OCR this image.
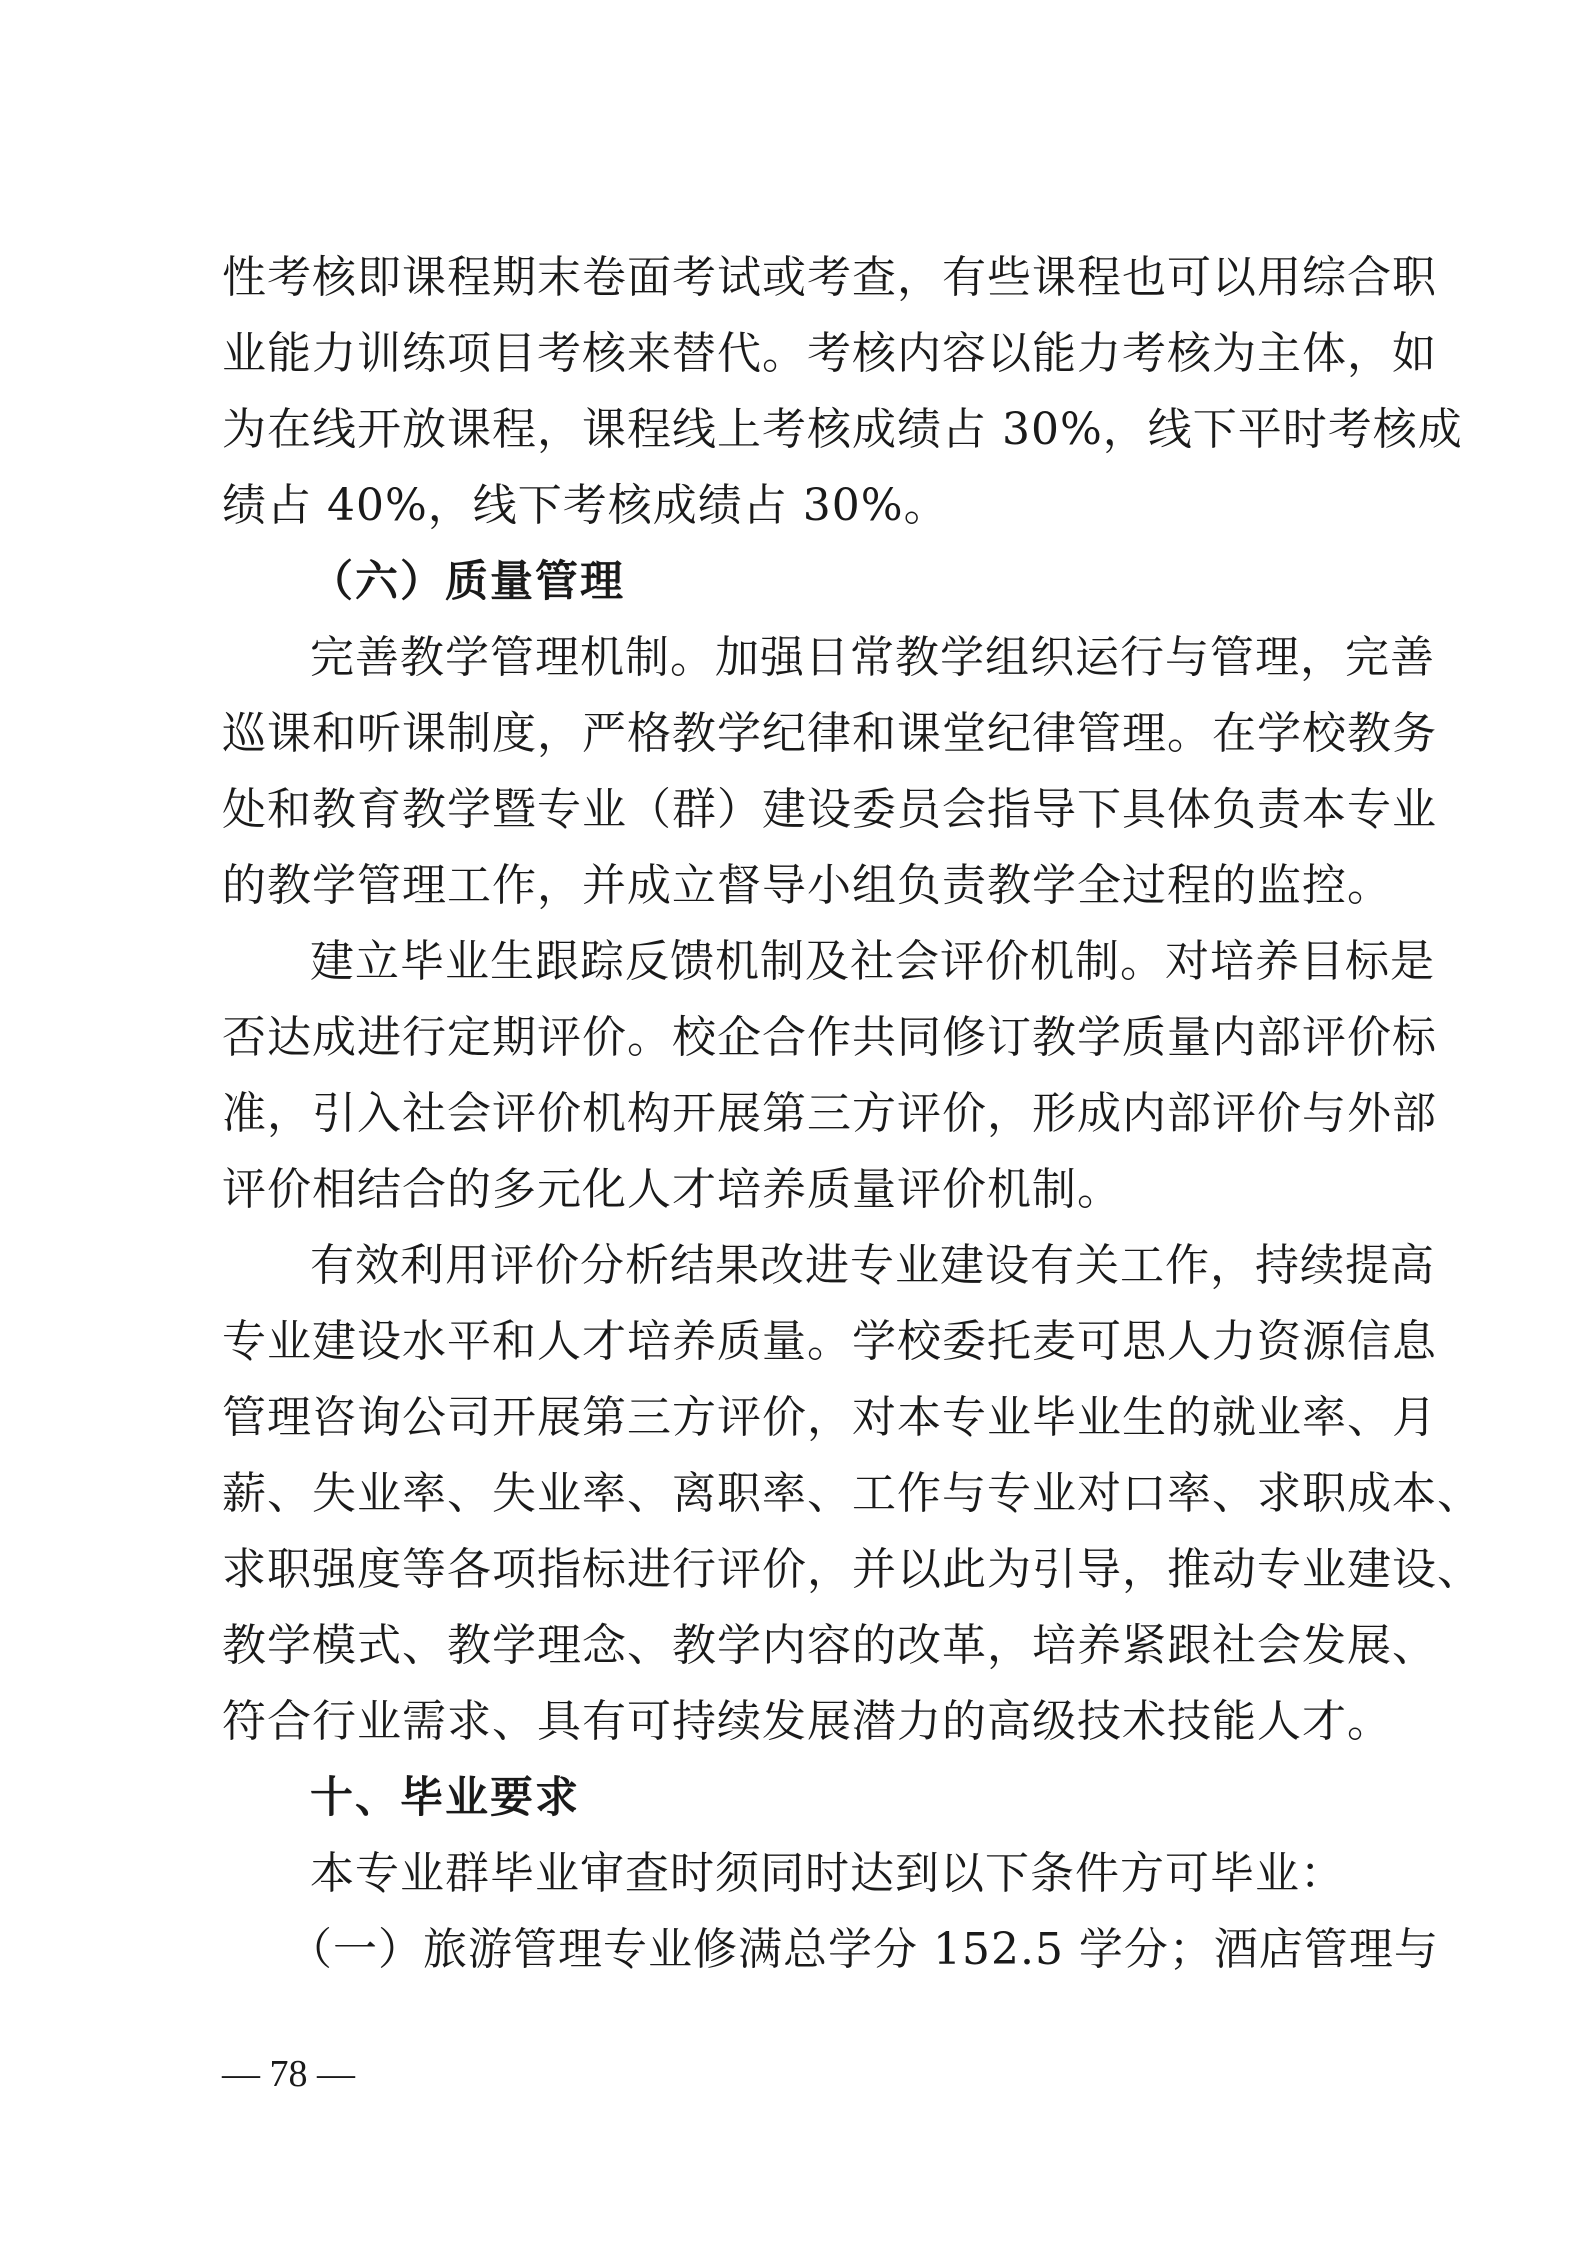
性考核即课程期末卷面考试或考查，有些课程也可以用综合职
业能力训练项目考核来替代。考核内容以能力考核为主体，如
为在线开放课程，课程线上考核成绩占 30%，线下平时考核成
绩占 40%，线下考核成绩占 30%。
（六）质量管理
完善教学管理机制。加强日常教学组织运行与管理，完善
巡课和听课制度，严格教学纪律和课堂纪律管理。在学校教务
处和教育教学暨专业（群）建设委员会指导下具体负责本专业
的教学管理工作，并成立督导小组负责教学全过程的监控。
建立毕业生跟踪反馈机制及社会评价机制。对培养目标是
否达成进行定期评价。校企合作共同修订教学质量内部评价标
准，引入社会评价机构开展第三方评价，形成内部评价与外部
评价相结合的多元化人才培养质量评价机制。
有效利用评价分析结果改进专业建设有关工作，持续提高
专业建设水平和人才培养质量。学校委托麦可思人力资源信息
管理咨询公司开展第三方评价，对本专业毕业生的就业率、月
薪、失业率、失业率、离职率、工作与专业对口率、求职成本、
求职强度等各项指标进行评价，并以此为引导，推动专业建设、
教学模式、教学理念、教学内容的改革，培养紧跟社会发展、
符合行业需求、具有可持续发展潜力的高级技术技能人才。
十、毕业要求
本专业群毕业审查时须同时达到以下条件方可毕业：
（一）旅游管理专业修满总学分 152.5 学分；酒店管理与
— 78 —
